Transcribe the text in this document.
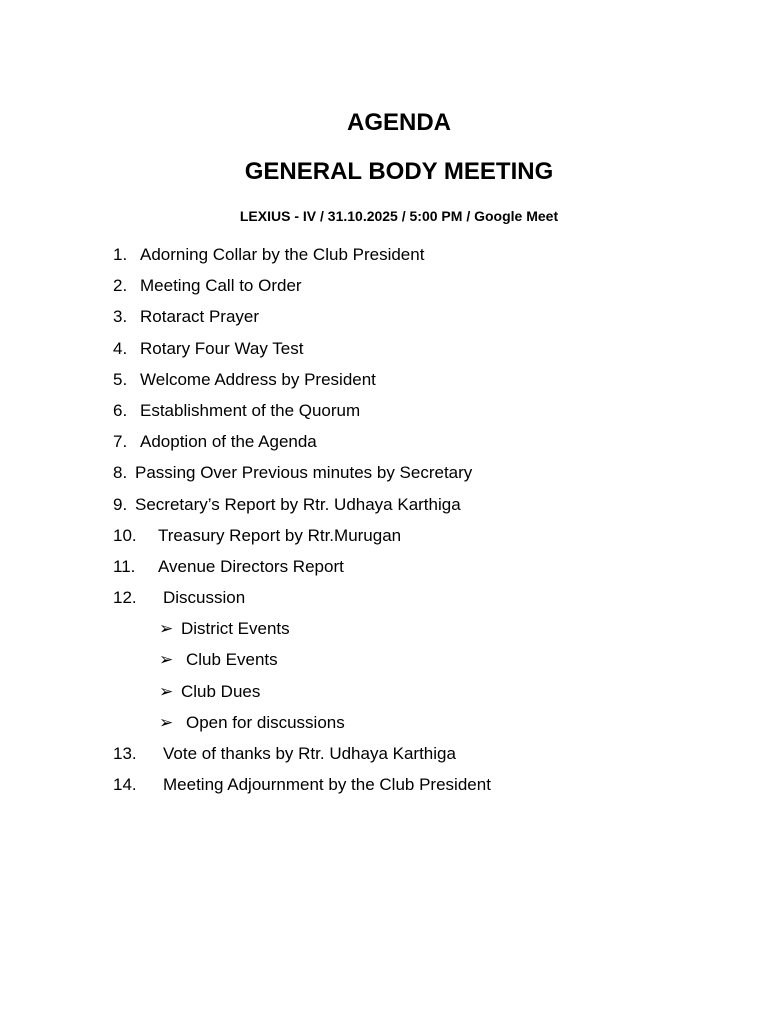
AGENDA
GENERAL BODY MEETING
LEXIUS - IV / 31.10.2025 / 5:00 PM / Google Meet
1. Adorning Collar by the Club President
2. Meeting Call to Order
3. Rotaract Prayer
4. Rotary Four Way Test
5. Welcome Address by President
6. Establishment of the Quorum
7. Adoption of the Agenda
8. Passing Over Previous minutes by Secretary
9. Secretary’s Report by Rtr. Udhaya Karthiga
10. Treasury Report by Rtr.Murugan
11. Avenue Directors Report
12. Discussion
➢ District Events
➢ Club Events
➢ Club Dues
➢ Open for discussions
13. Vote of thanks by Rtr. Udhaya Karthiga
14. Meeting Adjournment by the Club President
